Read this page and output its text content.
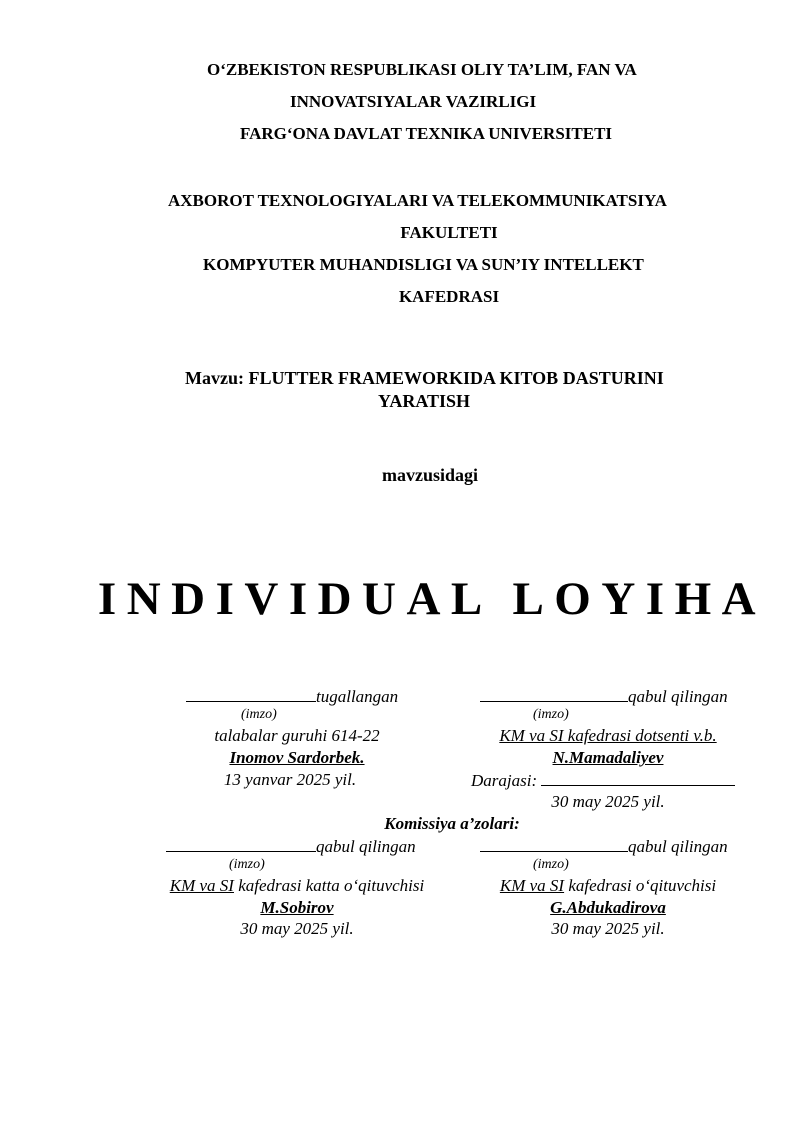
O‘ZBEKISTON RESPUBLIKASI OLIY TA’LIM, FAN VA
INNOVATSIYALAR VAZIRLIGI
FARG‘ONA DAVLAT TEXNIKA UNIVERSITETI
AXBOROT TEXNOLOGIYALARI VA TELEKOMMUNIKATSIYA
FAKULTETI
KOMPYUTER MUHANDISLIGI VA SUN’IY INTELLEKT
KAFEDRASI
Mavzu: FLUTTER FRAMEWORKIDA KITOB DASTURINI
YARATISH
mavzusidagi
INDIVIDUAL LOYIHA
tugallangan
(imzo)
talabalar guruhi 614-22
Inomov Sardorbek.
13 yanvar 2025 yil.
qabul qilingan
(imzo)
KM va SI kafedrasi dotsenti v.b.
N.Mamadaliyev
Darajasi:
30 may 2025 yil.
Komissiya a’zolari:
qabul qilingan
(imzo)
KM va SI kafedrasi katta o‘qituvchisi
M.Sobirov
30 may 2025 yil.
qabul qilingan
(imzo)
KM va SI kafedrasi o‘qituvchisi
G.Abdukadirova
30 may 2025 yil.
